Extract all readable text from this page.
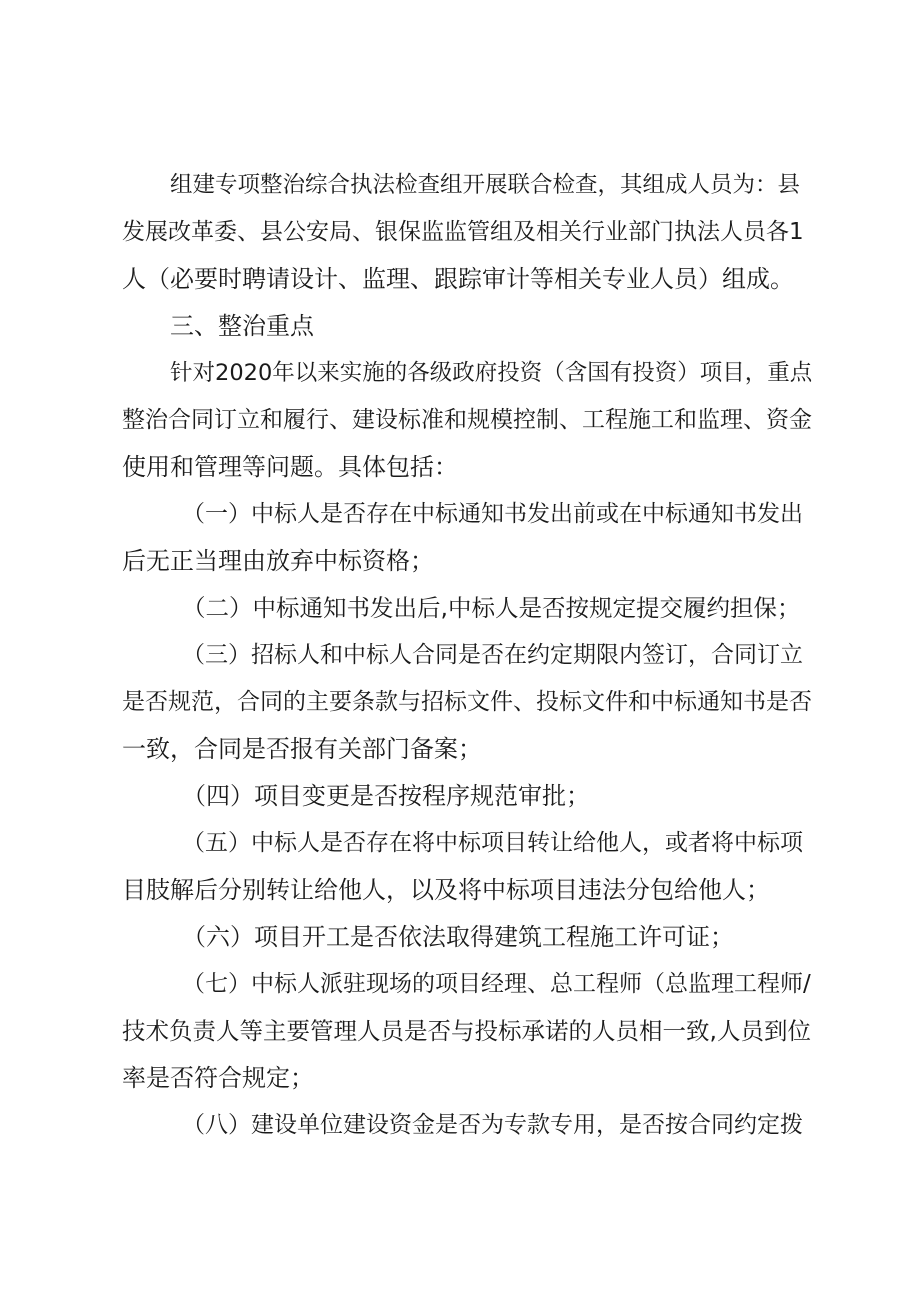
组建专项整治综合执法检查组开展联合检查，其组成人员为：县
发展改革委、县公安局、银保监监管组及相关行业部门执法人员各1
人（必要时聘请设计、监理、跟踪审计等相关专业人员）组成。
三、整治重点
针对2020年以来实施的各级政府投资（含国有投资）项目，重点
整治合同订立和履行、建设标准和规模控制、工程施工和监理、资金
使用和管理等问题。具体包括：
（一）中标人是否存在中标通知书发出前或在中标通知书发出
后无正当理由放弃中标资格；
（二）中标通知书发出后,中标人是否按规定提交履约担保；
（三）招标人和中标人合同是否在约定期限内签订，合同订立
是否规范，合同的主要条款与招标文件、投标文件和中标通知书是否
一致，合同是否报有关部门备案；
（四）项目变更是否按程序规范审批；
（五）中标人是否存在将中标项目转让给他人，或者将中标项
目肢解后分别转让给他人，以及将中标项目违法分包给他人；
（六）项目开工是否依法取得建筑工程施工许可证；
（七）中标人派驻现场的项目经理、总工程师（总监理工程师/
技术负责人等主要管理人员是否与投标承诺的人员相一致,人员到位
率是否符合规定；
（八）建设单位建设资金是否为专款专用，是否按合同约定拨
